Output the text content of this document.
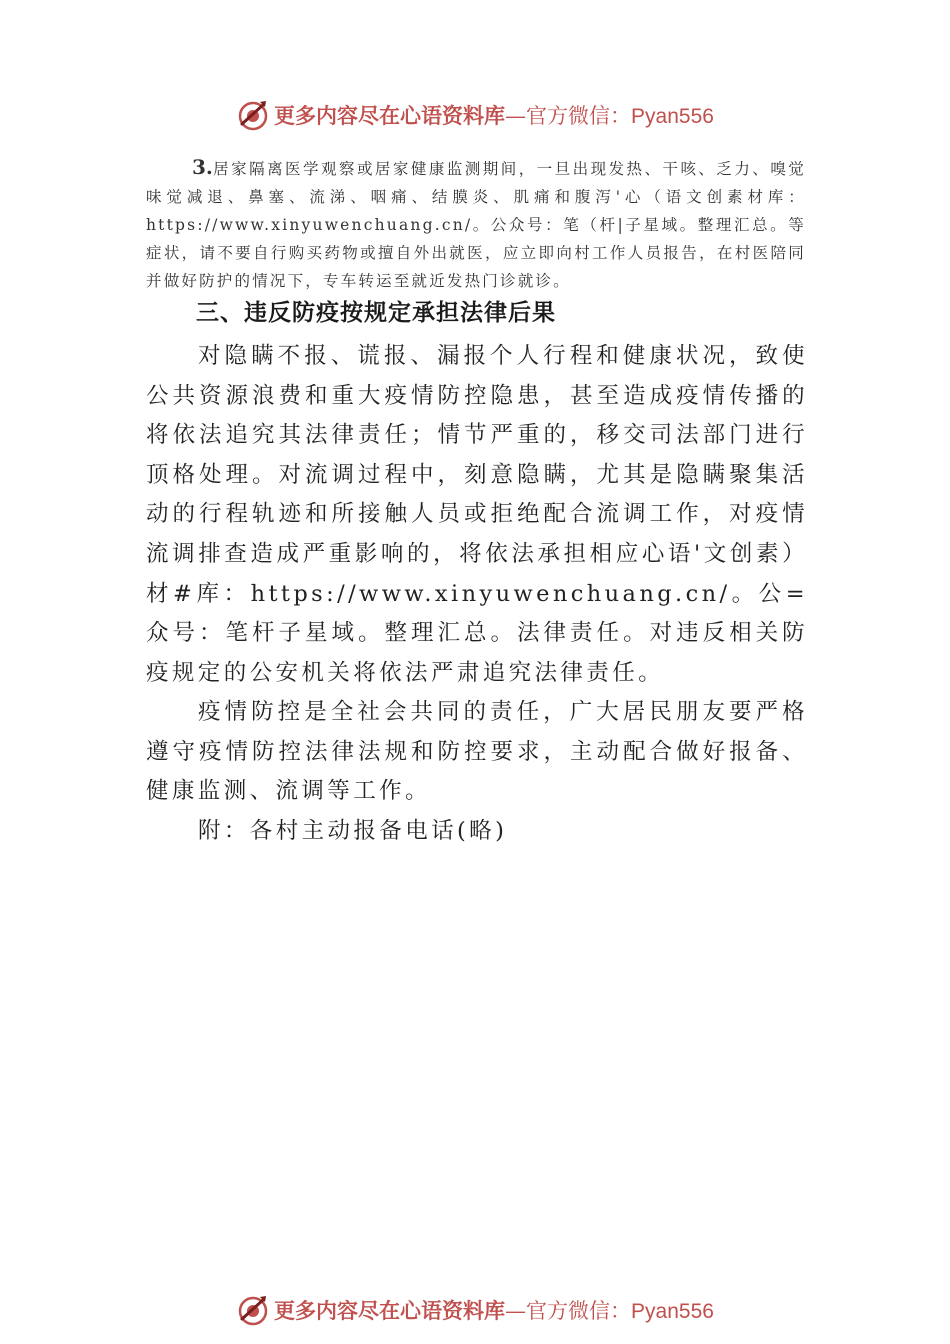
更多内容尽在心语资料库—官方微信：Pyan556
3.居家隔离医学观察或居家健康监测期间，一旦出现发热、干咳、乏力、嗅觉味觉减退、鼻塞、流涕、咽痛、结膜炎、肌痛和腹泻'心（语文创素材库：https://www.xinyuwenchuang.cn/。公众号：笔（杆|子星域。整理汇总。等症状，请不要自行购买药物或擅自外出就医，应立即向村工作人员报告，在村医陪同并做好防护的情况下，专车转运至就近发热门诊就诊。
三、违反防疫按规定承担法律后果
对隐瞒不报、谎报、漏报个人行程和健康状况，致使公共资源浪费和重大疫情防控隐患，甚至造成疫情传播的将依法追究其法律责任；情节严重的，移交司法部门进行顶格处理。对流调过程中，刻意隐瞒，尤其是隐瞒聚集活动的行程轨迹和所接触人员或拒绝配合流调工作，对疫情流调排查造成严重影响的，将依法承担相应心语'文创素）材#库：https://www.xinyuwenchuang.cn/。公=众号：笔杆子星域。整理汇总。法律责任。对违反相关防疫规定的公安机关将依法严肃追究法律责任。
疫情防控是全社会共同的责任，广大居民朋友要严格遵守疫情防控法律法规和防控要求，主动配合做好报备、健康监测、流调等工作。
附：各村主动报备电话(略)
更多内容尽在心语资料库—官方微信：Pyan556
